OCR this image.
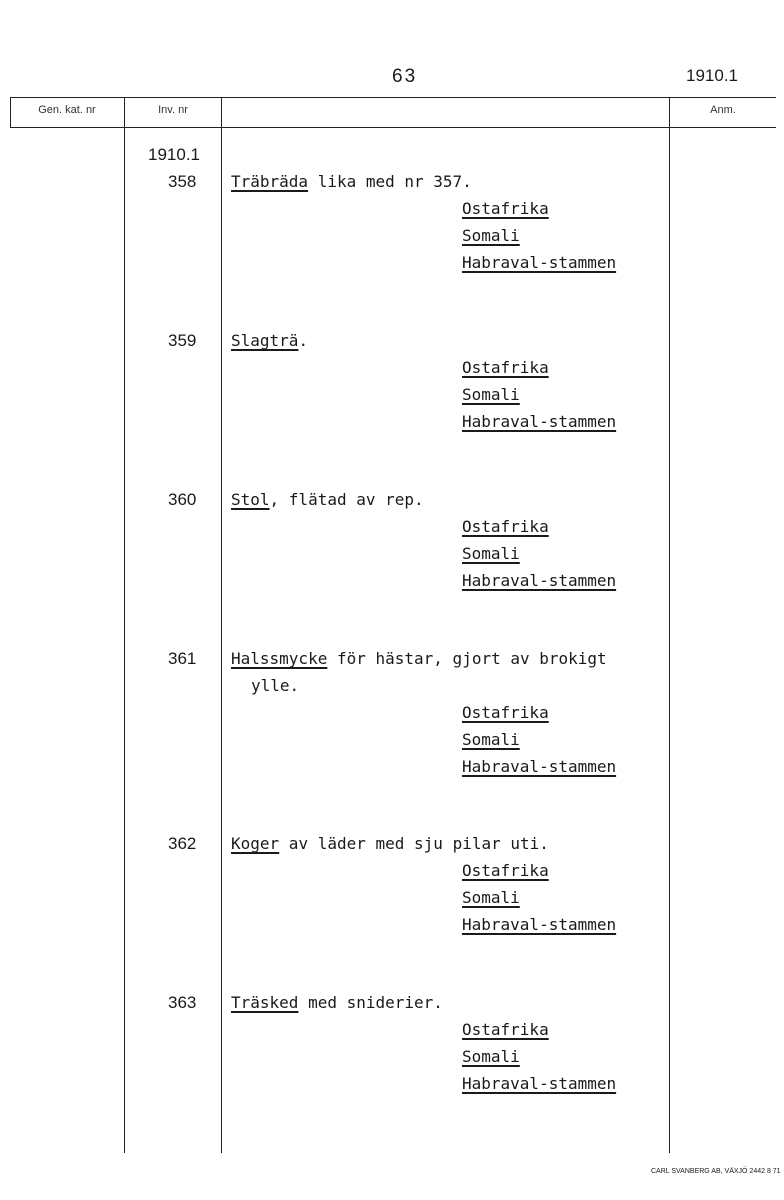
63	1910.1
Gen. kat. nr	Inv. nr	Anm.
1910.1
358 Träbräda lika med nr 357.
Ostafrika
Somali
Habraval-stammen
359 Slagträ.
Ostafrika
Somali
Habraval-stammen
360 Stol, flätad av rep.
Ostafrika
Somali
Habraval-stammen
361 Halssmycke för hästar, gjort av brokigt
ylle.
Ostafrika
Somali
Habraval-stammen
362 Koger av läder med sju pilar uti.
Ostafrika
Somali
Habraval-stammen
363 Träsked med sniderier.
Ostafrika
Somali
Habraval-stammen
CARL SVANBERG AB, VÄXJÖ 2442 8 71
